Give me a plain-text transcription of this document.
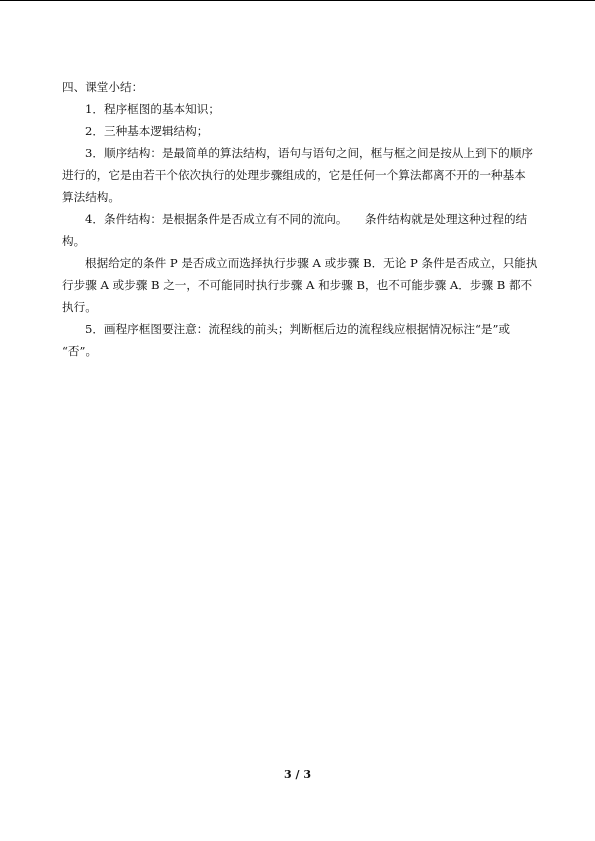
四、课堂小结：
1．程序框图的基本知识；
2．三种基本逻辑结构；
3．顺序结构：是最简单的算法结构，语句与语句之间，框与框之间是按从上到下的顺序
进行的，它是由若干个依次执行的处理步骤组成的，它是任何一个算法都离不开的一种基本
算法结构。
4．条件结构：是根据条件是否成立有不同的流向。　　条件结构就是处理这种过程的结
构。
根据给定的条件 P 是否成立而选择执行步骤 A 或步骤 B．无论 P 条件是否成立，只能执
行步骤 A 或步骤 B 之一，不可能同时执行步骤 A 和步骤 B，也不可能步骤 A．步骤 B 都不
执行。
5．画程序框图要注意：流程线的前头；判断框后边的流程线应根据情况标注“是”或
“否”。
3 / 3
